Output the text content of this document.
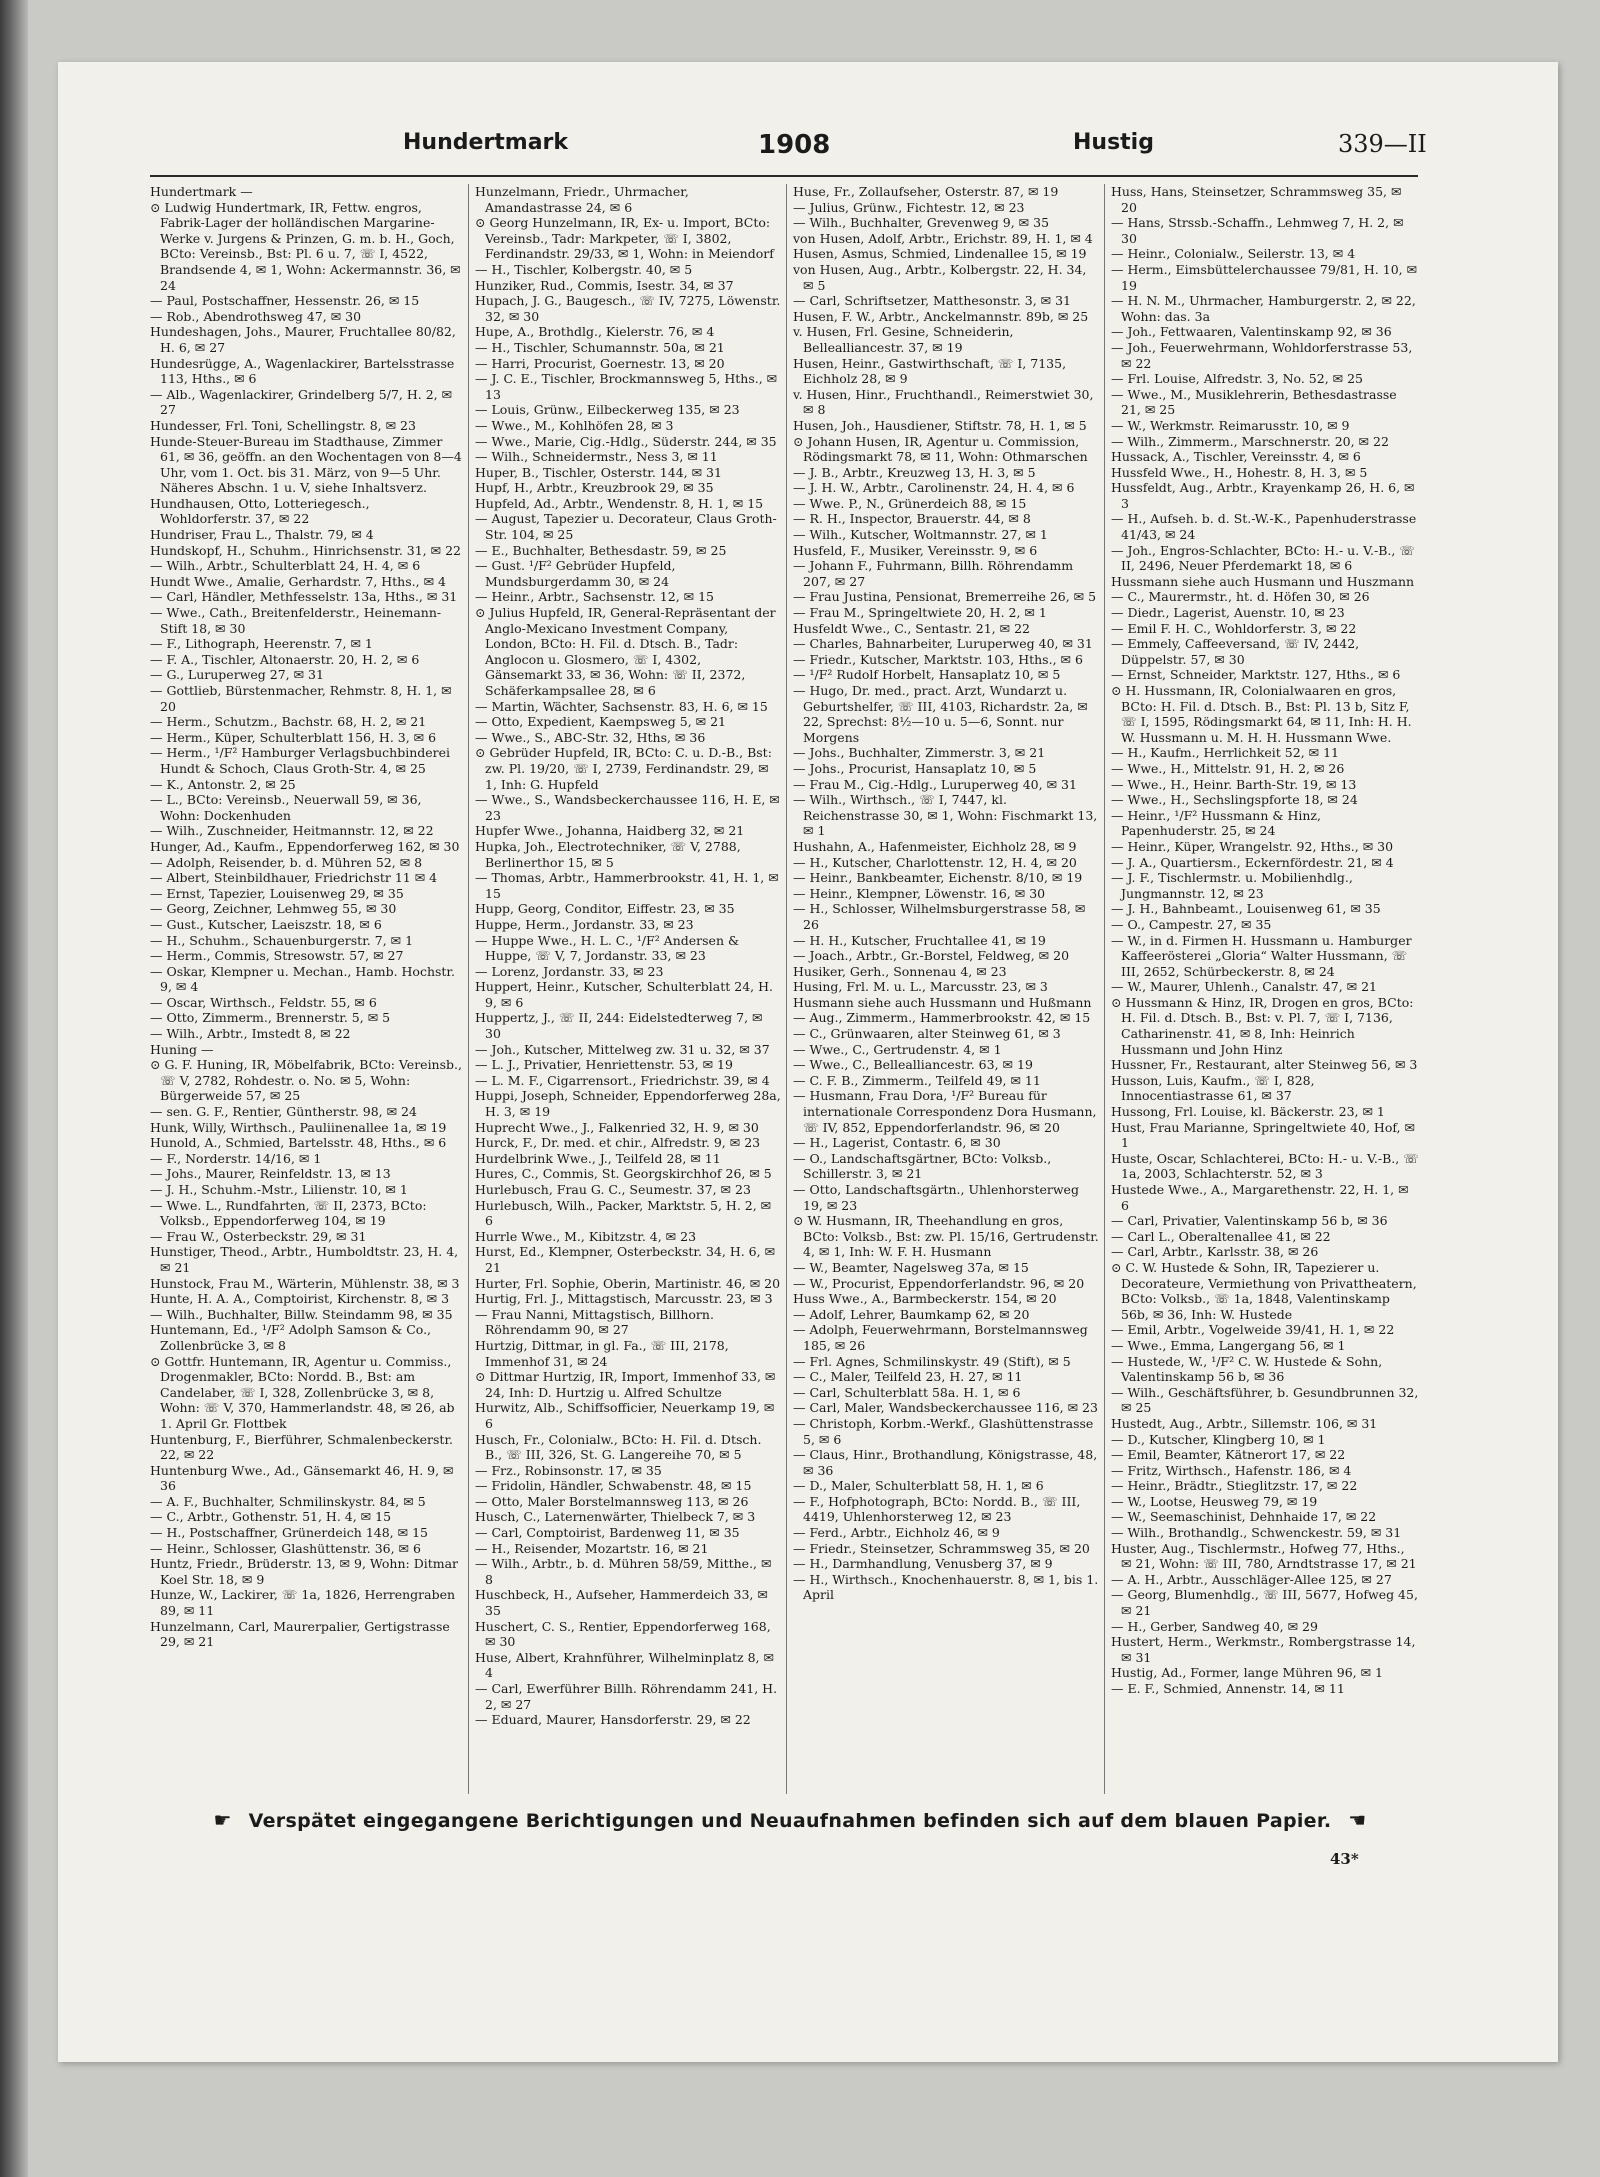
Hundertmark	1908	Hustig	339—II

Hundertmark —

⊙ Ludwig Hundertmark, IR, Fettw. engros, Fabrik-Lager der holländischen Margarine-Werke v. Jurgens & Prinzen, G. m. b. H., Goch, BCto: Vereinsb., Bst: Pl. 6 u. 7, ☏ I, 4522, Brandsende 4, ✉ 1, Wohn: Ackermannstr. 36, ✉ 24

— Paul, Postschaffner, Hessenstr. 26, ✉ 15

— Rob., Abendrothsweg 47, ✉ 30

Hundeshagen, Johs., Maurer, Fruchtallee 80/82, H. 6, ✉ 27

Hundesrügge, A., Wagenlackirer, Bartelsstrasse 113, Hths., ✉ 6

— Alb., Wagenlackirer, Grindelberg 5/7, H. 2, ✉ 27

Hundesser, Frl. Toni, Schellingstr. 8, ✉ 23

Hunde-Steuer-Bureau im Stadthause, Zimmer 61, ✉ 36, geöffn. an den Wochentagen von 8—4 Uhr, vom 1. Oct. bis 31. März, von 9—5 Uhr. Näheres Abschn. 1 u. V, siehe Inhaltsverz.

Hundhausen, Otto, Lotteriegesch., Wohldorferstr. 37, ✉ 22

Hundriser, Frau L., Thalstr. 79, ✉ 4

Hundskopf, H., Schuhm., Hinrichsenstr. 31, ✉ 22

— Wilh., Arbtr., Schulterblatt 24, H. 4, ✉ 6

Hundt Wwe., Amalie, Gerhardstr. 7, Hths., ✉ 4

— Carl, Händler, Methfesselstr. 13a, Hths., ✉ 31

— Wwe., Cath., Breitenfelderstr., Heinemann-Stift 18, ✉ 30

— F., Lithograph, Heerenstr. 7, ✉ 1

— F. A., Tischler, Altonaerstr. 20, H. 2, ✉ 6

— G., Luruperweg 27, ✉ 31

— Gottlieb, Bürstenmacher, Rehmstr. 8, H. 1, ✉ 20

— Herm., Schutzm., Bachstr. 68, H. 2, ✉ 21

— Herm., Küper, Schulterblatt 156, H. 3, ✉ 6

— Herm., ¹/F² Hamburger Verlagsbuchbinderei Hundt & Schoch, Claus Groth-Str. 4, ✉ 25

— K., Antonstr. 2, ✉ 25

— L., BCto: Vereinsb., Neuerwall 59, ✉ 36, Wohn: Dockenhuden

— Wilh., Zuschneider, Heitmannstr. 12, ✉ 22

Hunger, Ad., Kaufm., Eppendorferweg 162, ✉ 30

— Adolph, Reisender, b. d. Mühren 52, ✉ 8

— Albert, Steinbildhauer, Friedrichstr 11 ✉ 4

— Ernst, Tapezier, Louisenweg 29, ✉ 35

— Georg, Zeichner, Lehmweg 55, ✉ 30

— Gust., Kutscher, Laeiszstr. 18, ✉ 6

— H., Schuhm., Schauenburgerstr. 7, ✉ 1

— Herm., Commis, Stresowstr. 57, ✉ 27

— Oskar, Klempner u. Mechan., Hamb. Hochstr. 9, ✉ 4

— Oscar, Wirthsch., Feldstr. 55, ✉ 6

— Otto, Zimmerm., Brennerstr. 5, ✉ 5

— Wilh., Arbtr., Imstedt 8, ✉ 22

Huning —

⊙ G. F. Huning, IR, Möbelfabrik, BCto: Vereinsb., ☏ V, 2782, Rohdestr. o. No. ✉ 5, Wohn: Bürgerweide 57, ✉ 25

— sen. G. F., Rentier, Güntherstr. 98, ✉ 24

Hunk, Willy, Wirthsch., Pauliinenallee 1a, ✉ 19

Hunold, A., Schmied, Bartelsstr. 48, Hths., ✉ 6

— F., Norderstr. 14/16, ✉ 1

— Johs., Maurer, Reinfeldstr. 13, ✉ 13

— J. H., Schuhm.-Mstr., Lilienstr. 10, ✉ 1

— Wwe. L., Rundfahrten, ☏ II, 2373, BCto: Volksb., Eppendorferweg 104, ✉ 19

— Frau W., Osterbeckstr. 29, ✉ 31

Hunstiger, Theod., Arbtr., Humboldtstr. 23, H. 4, ✉ 21

Hunstock, Frau M., Wärterin, Mühlenstr. 38, ✉ 3

Hunte, H. A. A., Comptoirist, Kirchenstr. 8, ✉ 3

— Wilh., Buchhalter, Billw. Steindamm 98, ✉ 35

Huntemann, Ed., ¹/F² Adolph Samson & Co., Zollenbrücke 3, ✉ 8

⊙ Gottfr. Huntemann, IR, Agentur u. Commiss., Drogenmakler, BCto: Nordd. B., Bst: am Candelaber, ☏ I, 328, Zollenbrücke 3, ✉ 8, Wohn: ☏ V, 370, Hammerlandstr. 48, ✉ 26, ab 1. April Gr. Flottbek

Huntenburg, F., Bierführer, Schmalenbeckerstr. 22, ✉ 22

Huntenburg Wwe., Ad., Gänsemarkt 46, H. 9, ✉ 36

— A. F., Buchhalter, Schmilinskystr. 84, ✉ 5

— C., Arbtr., Gothenstr. 51, H. 4, ✉ 15

— H., Postschaffner, Grünerdeich 148, ✉ 15

— Heinr., Schlosser, Glashüttenstr. 36, ✉ 6

Huntz, Friedr., Brüderstr. 13, ✉ 9, Wohn: Ditmar Koel Str. 18, ✉ 9

Hunze, W., Lackirer, ☏ 1a, 1826, Herrengraben 89, ✉ 11

Hunzelmann, Carl, Maurerpalier, Gertigstrasse 29, ✉ 21

Hunzelmann, Friedr., Uhrmacher, Amandastrasse 24, ✉ 6

⊙ Georg Hunzelmann, IR, Ex- u. Import, BCto: Vereinsb., Tadr: Markpeter, ☏ I, 3802, Ferdinandstr. 29/33, ✉ 1, Wohn: in Meiendorf

— H., Tischler, Kolbergstr. 40, ✉ 5

Hunziker, Rud., Commis, Isestr. 34, ✉ 37

Hupach, J. G., Baugesch., ☏ IV, 7275, Löwenstr. 32, ✉ 30

Hupe, A., Brothdlg., Kielerstr. 76, ✉ 4

— H., Tischler, Schumannstr. 50a, ✉ 21

— Harri, Procurist, Goernestr. 13, ✉ 20

— J. C. E., Tischler, Brockmannsweg 5, Hths., ✉ 13

— Louis, Grünw., Eilbeckerweg 135, ✉ 23

— Wwe., M., Kohlhöfen 28, ✉ 3

— Wwe., Marie, Cig.-Hdlg., Süderstr. 244, ✉ 35

— Wilh., Schneidermstr., Ness 3, ✉ 11

Huper, B., Tischler, Osterstr. 144, ✉ 31

Hupf, H., Arbtr., Kreuzbrook 29, ✉ 35

Hupfeld, Ad., Arbtr., Wendenstr. 8, H. 1, ✉ 15

— August, Tapezier u. Decorateur, Claus Groth-Str. 104, ✉ 25

— E., Buchhalter, Bethesdastr. 59, ✉ 25

— Gust. ¹/F² Gebrüder Hupfeld, Mundsburgerdamm 30, ✉ 24

— Heinr., Arbtr., Sachsenstr. 12, ✉ 15

⊙ Julius Hupfeld, IR, General-Repräsentant der Anglo-Mexicano Investment Company, London, BCto: H. Fil. d. Dtsch. B., Tadr: Anglocon u. Glosmero, ☏ I, 4302, Gänsemarkt 33, ✉ 36, Wohn: ☏ II, 2372, Schäferkampsallee 28, ✉ 6

— Martin, Wächter, Sachsenstr. 83, H. 6, ✉ 15

— Otto, Expedient, Kaempsweg 5, ✉ 21

— Wwe., S., ABC-Str. 32, Hths, ✉ 36

⊙ Gebrüder Hupfeld, IR, BCto: C. u. D.-B., Bst: zw. Pl. 19/20, ☏ I, 2739, Ferdinandstr. 29, ✉ 1, Inh: G. Hupfeld

— Wwe., S., Wandsbeckerchaussee 116, H. E, ✉ 23

Hupfer Wwe., Johanna, Haidberg 32, ✉ 21

Hupka, Joh., Electrotechniker, ☏ V, 2788, Berlinerthor 15, ✉ 5

— Thomas, Arbtr., Hammerbrookstr. 41, H. 1, ✉ 15

Hupp, Georg, Conditor, Eiffestr. 23, ✉ 35

Huppe, Herm., Jordanstr. 33, ✉ 23

— Huppe Wwe., H. L. C., ¹/F² Andersen & Huppe, ☏ V, 7, Jordanstr. 33, ✉ 23

— Lorenz, Jordanstr. 33, ✉ 23

Huppert, Heinr., Kutscher, Schulterblatt 24, H. 9, ✉ 6

Huppertz, J., ☏ II, 244: Eidelstedterweg 7, ✉ 30

— Joh., Kutscher, Mittelweg zw. 31 u. 32, ✉ 37

— L. J., Privatier, Henriettenstr. 53, ✉ 19

— L. M. F., Cigarrensort., Friedrichstr. 39, ✉ 4

Huppi, Joseph, Schneider, Eppendorferweg 28a, H. 3, ✉ 19

Huprecht Wwe., J., Falkenried 32, H. 9, ✉ 30

Hurck, F., Dr. med. et chir., Alfredstr. 9, ✉ 23

Hurdelbrink Wwe., J., Teilfeld 28, ✉ 11

Hures, C., Commis, St. Georgskirchhof 26, ✉ 5

Hurlebusch, Frau G. C., Seumestr. 37, ✉ 23

Hurlebusch, Wilh., Packer, Marktstr. 5, H. 2, ✉ 6

Hurrle Wwe., M., Kibitzstr. 4, ✉ 23

Hurst, Ed., Klempner, Osterbeckstr. 34, H. 6, ✉ 21

Hurter, Frl. Sophie, Oberin, Martinistr. 46, ✉ 20

Hurtig, Frl. J., Mittagstisch, Marcusstr. 23, ✉ 3

— Frau Nanni, Mittagstisch, Billhorn. Röhrendamm 90, ✉ 27

Hurtzig, Dittmar, in gl. Fa., ☏ III, 2178, Immenhof 31, ✉ 24

⊙ Dittmar Hurtzig, IR, Import, Immenhof 33, ✉ 24, Inh: D. Hurtzig u. Alfred Schultze

Hurwitz, Alb., Schiffsofficier, Neuerkamp 19, ✉ 6

Husch, Fr., Colonialw., BCto: H. Fil. d. Dtsch. B., ☏ III, 326, St. G. Langereihe 70, ✉ 5

— Frz., Robinsonstr. 17, ✉ 35

— Fridolin, Händler, Schwabenstr. 48, ✉ 15

— Otto, Maler Borstelmannsweg 113, ✉ 26

Husch, C., Laternenwärter, Thielbeck 7, ✉ 3

— Carl, Comptoirist, Bardenweg 11, ✉ 35

— H., Reisender, Mozartstr. 16, ✉ 21

— Wilh., Arbtr., b. d. Mühren 58/59, Mitthe., ✉ 8

Huschbeck, H., Aufseher, Hammerdeich 33, ✉ 35

Huschert, C. S., Rentier, Eppendorferweg 168, ✉ 30

Huse, Albert, Krahnführer, Wilhelminplatz 8, ✉ 4

— Carl, Ewerführer Billh. Röhrendamm 241, H. 2, ✉ 27

— Eduard, Maurer, Hansdorferstr. 29, ✉ 22

Huse, Fr., Zollaufseher, Osterstr. 87, ✉ 19

— Julius, Grünw., Fichtestr. 12, ✉ 23

— Wilh., Buchhalter, Grevenweg 9, ✉ 35

von Husen, Adolf, Arbtr., Erichstr. 89, H. 1, ✉ 4

Husen, Asmus, Schmied, Lindenallee 15, ✉ 19

von Husen, Aug., Arbtr., Kolbergstr. 22, H. 34, ✉ 5

— Carl, Schriftsetzer, Matthesonstr. 3, ✉ 31

Husen, F. W., Arbtr., Anckelmannstr. 89b, ✉ 25

v. Husen, Frl. Gesine, Schneiderin, Bellealliancestr. 37, ✉ 19

Husen, Heinr., Gastwirthschaft, ☏ I, 7135, Eichholz 28, ✉ 9

v. Husen, Hinr., Fruchthandl., Reimerstwiet 30, ✉ 8

Husen, Joh., Hausdiener, Stiftstr. 78, H. 1, ✉ 5

⊙ Johann Husen, IR, Agentur u. Commission, Rödingsmarkt 78, ✉ 11, Wohn: Othmarschen

— J. B., Arbtr., Kreuzweg 13, H. 3, ✉ 5

— J. H. W., Arbtr., Carolinenstr. 24, H. 4, ✉ 6

— Wwe. P., N., Grünerdeich 88, ✉ 15

— R. H., Inspector, Brauerstr. 44, ✉ 8

— Wilh., Kutscher, Woltmannstr. 27, ✉ 1

Husfeld, F., Musiker, Vereinsstr. 9, ✉ 6

— Johann F., Fuhrmann, Billh. Röhrendamm 207, ✉ 27

— Frau Justina, Pensionat, Bremerreihe 26, ✉ 5

— Frau M., Springeltwiete 20, H. 2, ✉ 1

Husfeldt Wwe., C., Sentastr. 21, ✉ 22

— Charles, Bahnarbeiter, Luruperweg 40, ✉ 31

— Friedr., Kutscher, Marktstr. 103, Hths., ✉ 6

— ¹/F² Rudolf Horbelt, Hansaplatz 10, ✉ 5

— Hugo, Dr. med., pract. Arzt, Wundarzt u. Geburtshelfer, ☏ III, 4103, Richardstr. 2a, ✉ 22, Sprechst: 8½—10 u. 5—6, Sonnt. nur Morgens

— Johs., Buchhalter, Zimmerstr. 3, ✉ 21

— Johs., Procurist, Hansaplatz 10, ✉ 5

— Frau M., Cig.-Hdlg., Luruperweg 40, ✉ 31

— Wilh., Wirthsch., ☏ I, 7447, kl. Reichenstrasse 30, ✉ 1, Wohn: Fischmarkt 13, ✉ 1

Hushahn, A., Hafenmeister, Eichholz 28, ✉ 9

— H., Kutscher, Charlottenstr. 12, H. 4, ✉ 20

— Heinr., Bankbeamter, Eichenstr. 8/10, ✉ 19

— Heinr., Klempner, Löwenstr. 16, ✉ 30

— H., Schlosser, Wilhelmsburgerstrasse 58, ✉ 26

— H. H., Kutscher, Fruchtallee 41, ✉ 19

— Joach., Arbtr., Gr.-Borstel, Feldweg, ✉ 20

Husiker, Gerh., Sonnenau 4, ✉ 23

Husing, Frl. M. u. L., Marcusstr. 23, ✉ 3

Husmann siehe auch Hussmann und Hußmann

— Aug., Zimmerm., Hammerbrookstr. 42, ✉ 15

— C., Grünwaaren, alter Steinweg 61, ✉ 3

— Wwe., C., Gertrudenstr. 4, ✉ 1

— Wwe., C., Bellealliancestr. 63, ✉ 19

— C. F. B., Zimmerm., Teilfeld 49, ✉ 11

— Husmann, Frau Dora, ¹/F² Bureau für internationale Correspondenz Dora Husmann, ☏ IV, 852, Eppendorferlandstr. 96, ✉ 20

— H., Lagerist, Contastr. 6, ✉ 30

— O., Landschaftsgärtner, BCto: Volksb., Schillerstr. 3, ✉ 21

— Otto, Landschaftsgärtn., Uhlenhorsterweg 19, ✉ 23

⊙ W. Husmann, IR, Theehandlung en gros, BCto: Volksb., Bst: zw. Pl. 15/16, Gertrudenstr. 4, ✉ 1, Inh: W. F. H. Husmann

— W., Beamter, Nagelsweg 37a, ✉ 15

— W., Procurist, Eppendorferlandstr. 96, ✉ 20

Huss Wwe., A., Barmbeckerstr. 154, ✉ 20

— Adolf, Lehrer, Baumkamp 62, ✉ 20

— Adolph, Feuerwehrmann, Borstelmannsweg 185, ✉ 26

— Frl. Agnes, Schmilinskystr. 49 (Stift), ✉ 5

— C., Maler, Teilfeld 23, H. 27, ✉ 11

— Carl, Schulterblatt 58a. H. 1, ✉ 6

— Carl, Maler, Wandsbeckerchaussee 116, ✉ 23

— Christoph, Korbm.-Werkf., Glashüttenstrasse 5, ✉ 6

— Claus, Hinr., Brothandlung, Königstrasse, 48, ✉ 36

— D., Maler, Schulterblatt 58, H. 1, ✉ 6

— F., Hofphotograph, BCto: Nordd. B., ☏ III, 4419, Uhlenhorsterweg 12, ✉ 23

— Ferd., Arbtr., Eichholz 46, ✉ 9

— Friedr., Steinsetzer, Schrammsweg 35, ✉ 20

— H., Darmhandlung, Venusberg 37, ✉ 9

— H., Wirthsch., Knochenhauerstr. 8, ✉ 1, bis 1. April

Huss, Hans, Steinsetzer, Schrammsweg 35, ✉ 20

— Hans, Strssb.-Schaffn., Lehmweg 7, H. 2, ✉ 30

— Heinr., Colonialw., Seilerstr. 13, ✉ 4

— Herm., Eimsbüttelerchaussee 79/81, H. 10, ✉ 19

— H. N. M., Uhrmacher, Hamburgerstr. 2, ✉ 22, Wohn: das. 3a

— Joh., Fettwaaren, Valentinskamp 92, ✉ 36

— Joh., Feuerwehrmann, Wohldorferstrasse 53, ✉ 22

— Frl. Louise, Alfredstr. 3, No. 52, ✉ 25

— Wwe., M., Musiklehrerin, Bethesdastrasse 21, ✉ 25

— W., Werkmstr. Reimarusstr. 10, ✉ 9

— Wilh., Zimmerm., Marschnerstr. 20, ✉ 22

Hussack, A., Tischler, Vereinsstr. 4, ✉ 6

Hussfeld Wwe., H., Hohestr. 8, H. 3, ✉ 5

Hussfeldt, Aug., Arbtr., Krayenkamp 26, H. 6, ✉ 3

— H., Aufseh. b. d. St.-W.-K., Papenhuderstrasse 41/43, ✉ 24

— Joh., Engros-Schlachter, BCto: H.- u. V.-B., ☏ II, 2496, Neuer Pferdemarkt 18, ✉ 6

Hussmann siehe auch Husmann und Huszmann

— C., Maurermstr., ht. d. Höfen 30, ✉ 26

— Diedr., Lagerist, Auenstr. 10, ✉ 23

— Emil F. H. C., Wohldorferstr. 3, ✉ 22

— Emmely, Caffeeversand, ☏ IV, 2442, Düppelstr. 57, ✉ 30

— Ernst, Schneider, Marktstr. 127, Hths., ✉ 6

⊙ H. Hussmann, IR, Colonialwaaren en gros, BCto: H. Fil. d. Dtsch. B., Bst: Pl. 13 b, Sitz F, ☏ I, 1595, Rödingsmarkt 64, ✉ 11, Inh: H. H. W. Hussmann u. M. H. H. Hussmann Wwe.

— H., Kaufm., Herrlichkeit 52, ✉ 11

— Wwe., H., Mittelstr. 91, H. 2, ✉ 26

— Wwe., H., Heinr. Barth-Str. 19, ✉ 13

— Wwe., H., Sechslingspforte 18, ✉ 24

— Heinr., ¹/F² Hussmann & Hinz, Papenhuderstr. 25, ✉ 24

— Heinr., Küper, Wrangelstr. 92, Hths., ✉ 30

— J. A., Quartiersm., Eckernfördestr. 21, ✉ 4

— J. F., Tischlermstr. u. Mobilienhdlg., Jungmannstr. 12, ✉ 23

— J. H., Bahnbeamt., Louisenweg 61, ✉ 35

— O., Campestr. 27, ✉ 35

— W., in d. Firmen H. Hussmann u. Hamburger Kaffeerösterei „Gloria“ Walter Hussmann, ☏ III, 2652, Schürbeckerstr. 8, ✉ 24

— W., Maurer, Uhlenh., Canalstr. 47, ✉ 21

⊙ Hussmann & Hinz, IR, Drogen en gros, BCto: H. Fil. d. Dtsch. B., Bst: v. Pl. 7, ☏ I, 7136, Catharinenstr. 41, ✉ 8, Inh: Heinrich Hussmann und John Hinz

Hussner, Fr., Restaurant, alter Steinweg 56, ✉ 3

Husson, Luis, Kaufm., ☏ I, 828, Innocentiastrasse 61, ✉ 37

Hussong, Frl. Louise, kl. Bäckerstr. 23, ✉ 1

Hust, Frau Marianne, Springeltwiete 40, Hof, ✉ 1

Huste, Oscar, Schlachterei, BCto: H.- u. V.-B., ☏ 1a, 2003, Schlachterstr. 52, ✉ 3

Hustede Wwe., A., Margarethenstr. 22, H. 1, ✉ 6

— Carl, Privatier, Valentinskamp 56 b, ✉ 36

— Carl L., Oberaltenallee 41, ✉ 22

— Carl, Arbtr., Karlsstr. 38, ✉ 26

⊙ C. W. Hustede & Sohn, IR, Tapezierer u. Decorateure, Vermiethung von Privattheatern, BCto: Volksb., ☏ 1a, 1848, Valentinskamp 56b, ✉ 36, Inh: W. Hustede

— Emil, Arbtr., Vogelweide 39/41, H. 1, ✉ 22

— Wwe., Emma, Langergang 56, ✉ 1

— Hustede, W., ¹/F² C. W. Hustede & Sohn, Valentinskamp 56 b, ✉ 36

— Wilh., Geschäftsführer, b. Gesundbrunnen 32, ✉ 25

Hustedt, Aug., Arbtr., Sillemstr. 106, ✉ 31

— D., Kutscher, Klingberg 10, ✉ 1

— Emil, Beamter, Kätnerort 17, ✉ 22

— Fritz, Wirthsch., Hafenstr. 186, ✉ 4

— Heinr., Brädtr., Stieglitzstr. 17, ✉ 22

— W., Lootse, Heusweg 79, ✉ 19

— W., Seemaschinist, Dehnhaide 17, ✉ 22

— Wilh., Brothandlg., Schwenckestr. 59, ✉ 31

Huster, Aug., Tischlermstr., Hofweg 77, Hths., ✉ 21, Wohn: ☏ III, 780, Arndtstrasse 17, ✉ 21

— A. H., Arbtr., Ausschläger-Allee 125, ✉ 27

— Georg, Blumenhdlg., ☏ III, 5677, Hofweg 45, ✉ 21

— H., Gerber, Sandweg 40, ✉ 29

Hustert, Herm., Werkmstr., Rombergstrasse 14, ✉ 31

Hustig, Ad., Former, lange Mühren 96, ✉ 1

— E. F., Schmied, Annenstr. 14, ✉ 11

☛ Verspätet eingegangene Berichtigungen und Neuaufnahmen befinden sich auf dem blauen Papier. ☚
43*
